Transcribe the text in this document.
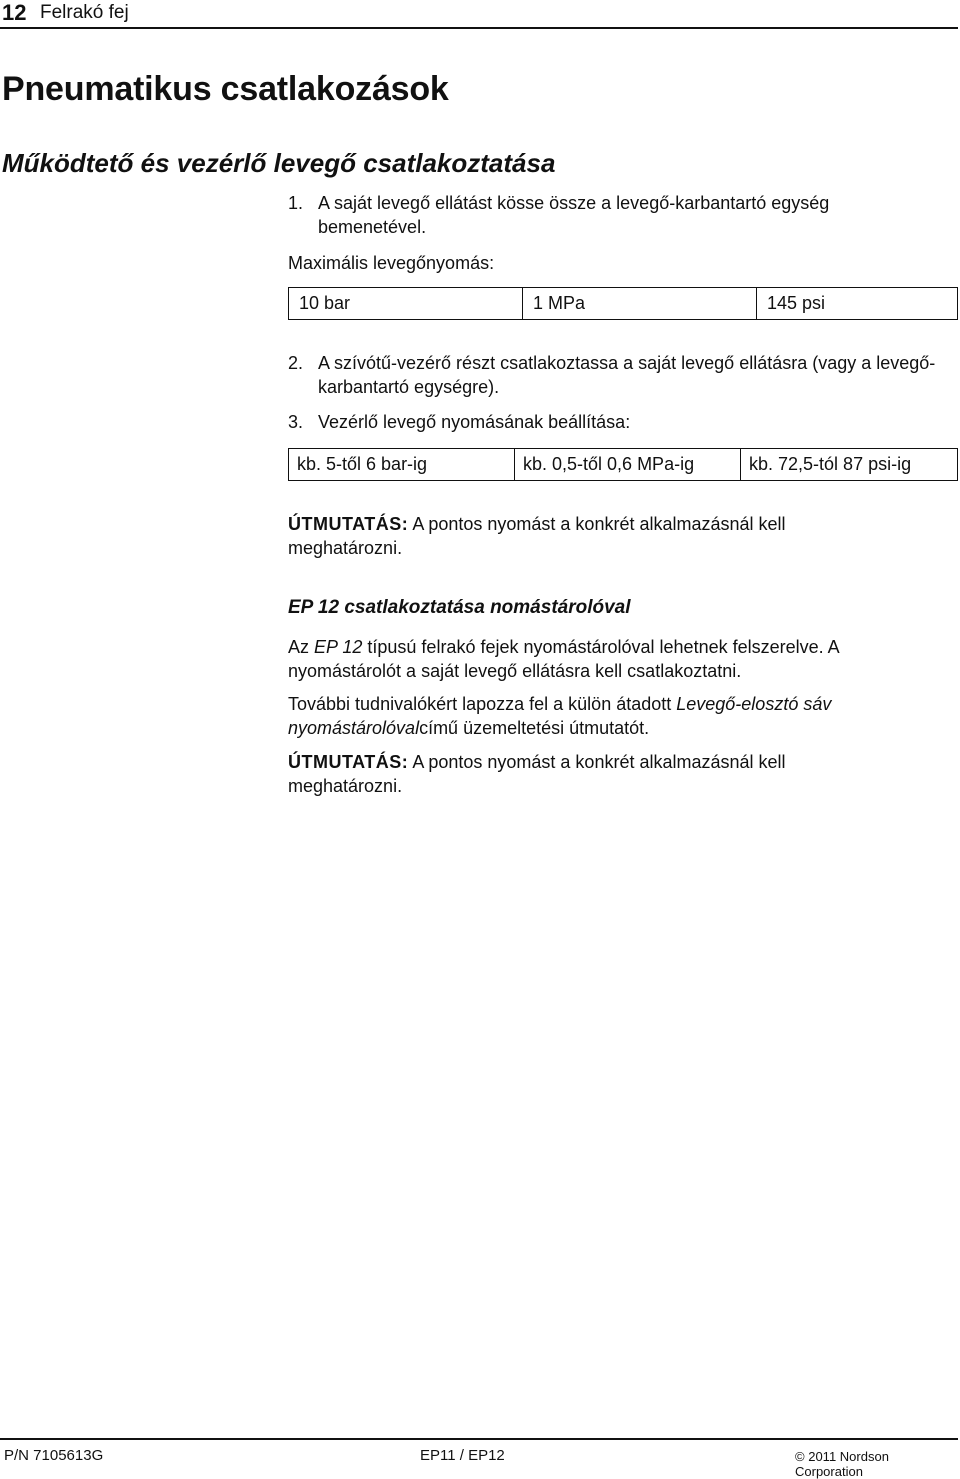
12 Felrakó fej
Pneumatikus csatlakozások
Működtető és vezérlő levegő csatlakoztatása
1. A saját levegő ellátást kösse össze a levegő-karbantartó egység bemenetével.
Maximális levegőnyomás:
10 bar	1 MPa	145 psi
2. A szívótű-vezérő részt csatlakoztassa a saját levegő ellátásra (vagy a levegő-karbantartó egységre).
3. Vezérlő levegő nyomásának beállítása:
kb. 5-től 6 bar-ig	kb. 0,5-től 0,6 MPa-ig	kb. 72,5-tól 87 psi-ig
ÚTMUTATÁS: A pontos nyomást a konkrét alkalmazásnál kell meghatározni.
EP 12 csatlakoztatása nomástárolóval
Az EP 12 típusú felrakó fejek nyomástárolóval lehetnek felszerelve. A nyomástárolót a saját levegő ellátásra kell csatlakoztatni.
További tudnivalókért lapozza fel a külön átadott Levegő-elosztó sáv nyomástárolóvalcímű üzemeltetési útmutatót.
ÚTMUTATÁS: A pontos nyomást a konkrét alkalmazásnál kell meghatározni.
P/N 7105613G	EP11 / EP12	© 2011 Nordson Corporation
